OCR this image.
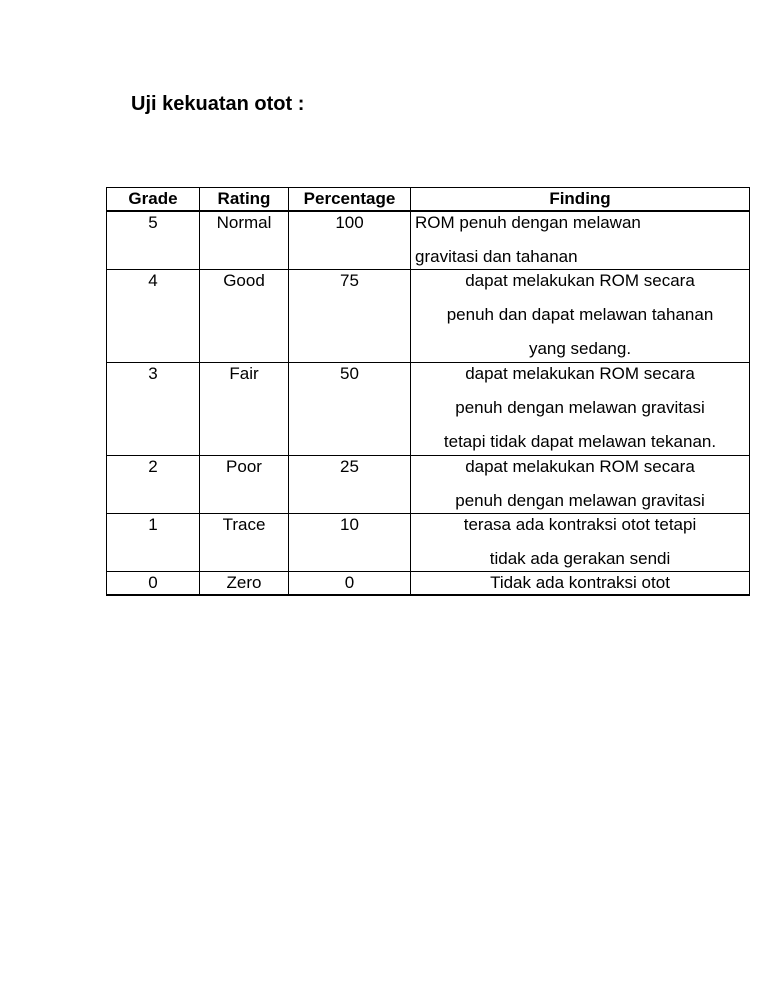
Uji kekuatan otot :
Grade	Rating	Percentage	Finding
5	Normal	100	ROM penuh dengan melawan
gravitasi dan tahanan

4	Good	75	dapat melakukan ROM secara
penuh dan dapat melawan tahanan
yang sedang.

3	Fair	50	dapat melakukan ROM secara
penuh dengan melawan gravitasi
tetapi tidak dapat melawan tekanan.

2	Poor	25	dapat melakukan ROM secara
penuh dengan melawan gravitasi

1	Trace	10	terasa ada kontraksi otot tetapi
tidak ada gerakan sendi

0	Zero	0	Tidak ada kontraksi otot
